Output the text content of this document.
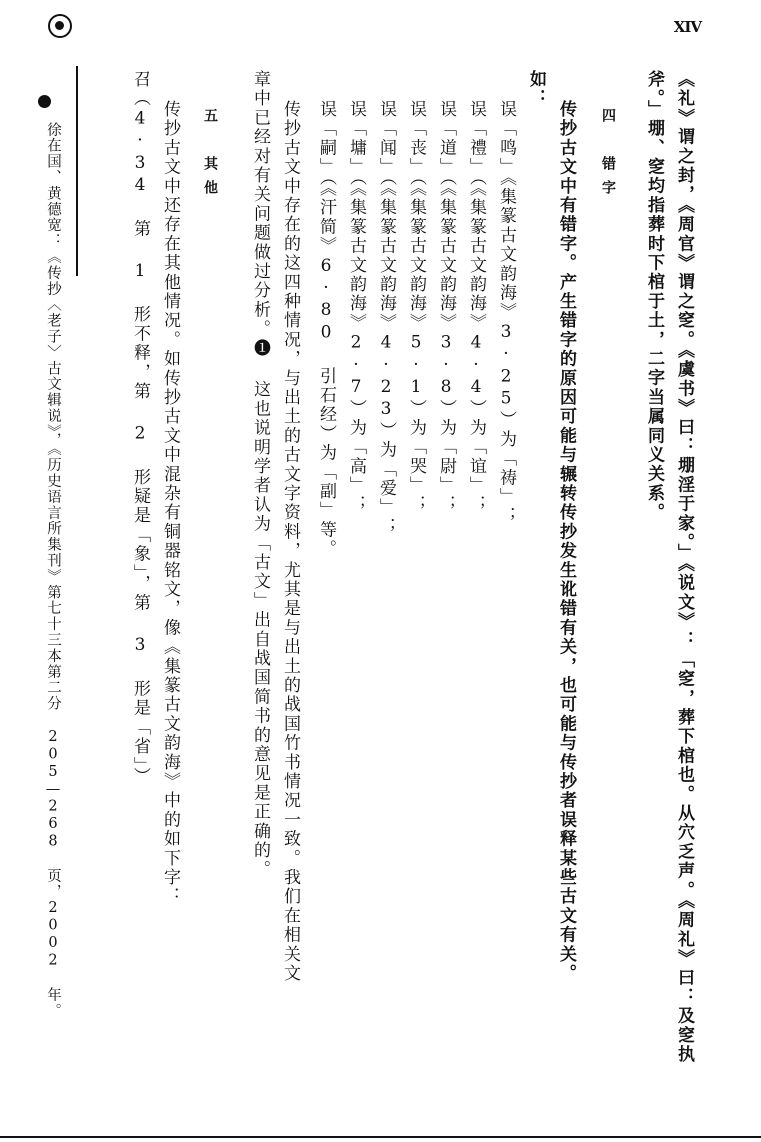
XIV
《礼》谓之封，《周官》谓之窆。《虞书》曰：堋淫于家。」《说文》：「窆，葬下棺也。从穴乏声。《周礼》曰：及窆执
斧。」堋、窆均指葬时下棺于土，二字当属同义关系。
四　错字
传抄古文中有错字。产生错字的原因可能与辗转传抄发生讹错有关，也可能与传抄者误释某些古文有关。
如：
误「鸣」《集篆古文韵海》3·25）为「祷」；
误「禮」（《集篆古文韵海》4·4）为「谊」；
误「道」（《集篆古文韵海》3·8）为「尉」；
误「丧」（《集篆古文韵海》5·1）为「哭」；
误「闻」（《集篆古文韵海》4·23）为「爱」；
误「墉」（《集篆古文韵海》2·7）为「高」；
误「嗣」（《汗简》6·80 引石经）为「副」等。
传抄古文中存在的这四种情况，与出土的古文字资料，尤其是与出土的战国竹书情况一致。我们在相关文
章中已经对有关问题做过分析。❶ 这也说明学者认为「古文」出自战国简书的意见是正确的。
五　其他
传抄古文中还存在其他情况。如传抄古文中混杂有铜器铭文，像《集篆古文韵海》中的如下字：
召（4·34 第 1 形不释，第 2 形疑是「象」，第 3 形是「省」）
徐在国、黄德宽：《传抄〈老子〉古文辑说》，《历史语言所集刊》第七十三本第二分 205—268 页，2002 年。
